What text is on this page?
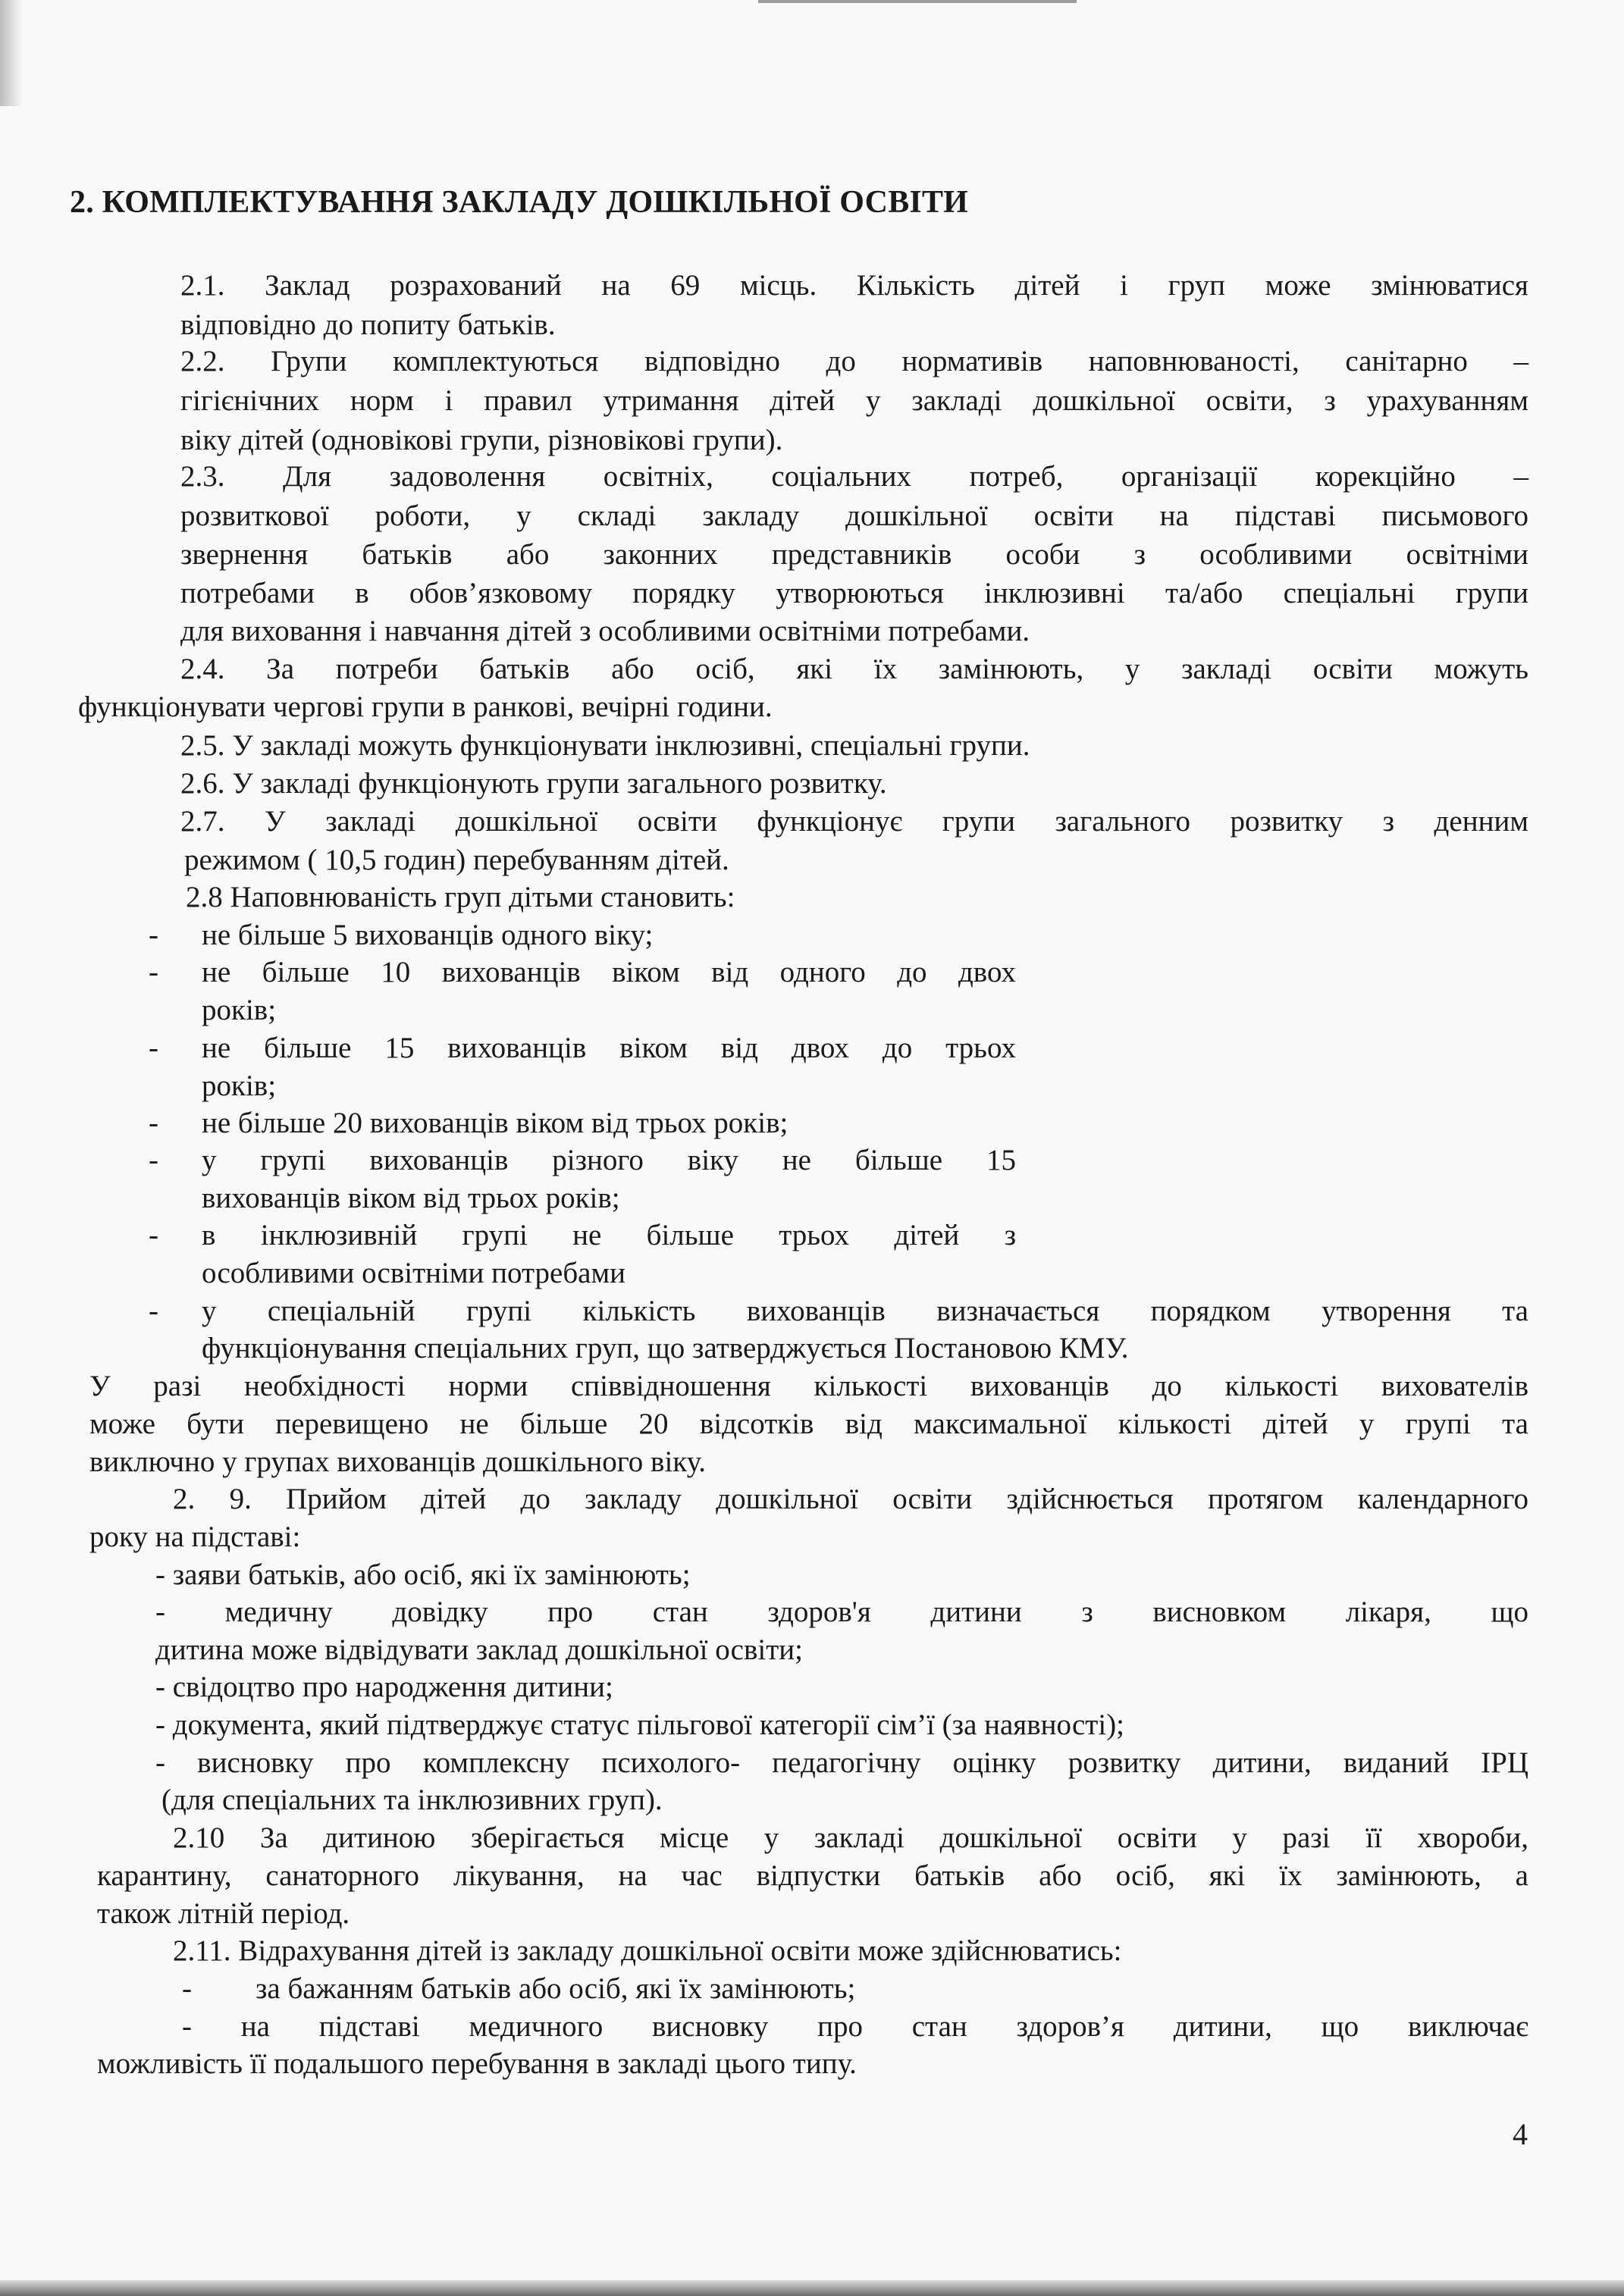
2. КОМПЛЕКТУВАННЯ ЗАКЛАДУ ДОШКІЛЬНОЇ ОСВІТИ
2.1. Заклад розрахований на 69 місць. Кількість дітей і груп може змінюватися
відповідно до попиту батьків.
2.2. Групи комплектуються відповідно до нормативів наповнюваності, санітарно –
гігієнічних норм і правил утримання дітей у закладі дошкільної освіти, з урахуванням
віку дітей (одновікові групи, різновікові групи).
2.3. Для задоволення освітніх, соціальних потреб, організації корекційно –
розвиткової роботи, у складі закладу дошкільної освіти на підставі письмового
звернення батьків або законних представників особи з особливими освітніми
потребами в обов’язковому порядку утворюються інклюзивні та/або спеціальні групи
для виховання і навчання дітей з особливими освітніми потребами.
2.4. За потреби батьків або осіб, які їх замінюють, у закладі освіти можуть
функціонувати чергові групи в ранкові, вечірні години.
2.5. У закладі можуть функціонувати інклюзивні, спеціальні групи.
2.6. У закладі функціонують групи загального розвитку.
2.7. У закладі дошкільної освіти функціонує групи загального розвитку з денним
режимом ( 10,5 годин) перебуванням дітей.
2.8 Наповнюваність груп дітьми становить:
- не більше 5 вихованців одного віку;
- не більше 10 вихованців віком від одного до двох
років;
- не більше 15 вихованців віком від двох до трьох
років;
- не більше 20 вихованців віком від трьох років;
- у групі вихованців різного віку не більше 15
вихованців віком від трьох років;
- в інклюзивній групі не більше трьох дітей з
особливими освітніми потребами
- у спеціальній групі кількість вихованців визначається порядком утворення та
функціонування спеціальних груп, що затверджується Постановою КМУ.
У разі необхідності норми співвідношення кількості вихованців до кількості вихователів
може бути перевищено не більше 20 відсотків від максимальної кількості дітей у групі та
виключно у групах вихованців дошкільного віку.
2. 9. Прийом дітей до закладу дошкільної освіти здійснюється протягом календарного
року на підставі:
- заяви батьків, або осіб, які їх замінюють;
- медичну довідку про стан здоров'я дитини з висновком лікаря, що
дитина може відвідувати заклад дошкільної освіти;
- свідоцтво про народження дитини;
- документа, який підтверджує статус пільгової категорії сім’ї (за наявності);
- висновку про комплексну психолого- педагогічну оцінку розвитку дитини, виданий ІРЦ
(для спеціальних та інклюзивних груп).
2.10 За дитиною зберігається місце у закладі дошкільної освіти у разі її хвороби,
карантину, санаторного лікування, на час відпустки батьків або осіб, які їх замінюють, а
також літній період.
2.11. Відрахування дітей із закладу дошкільної освіти може здійснюватись:
- за бажанням батьків або осіб, які їх замінюють;
- на підставі медичного висновку про стан здоров’я дитини, що виключає
можливість її подальшого перебування в закладі цього типу.
4
